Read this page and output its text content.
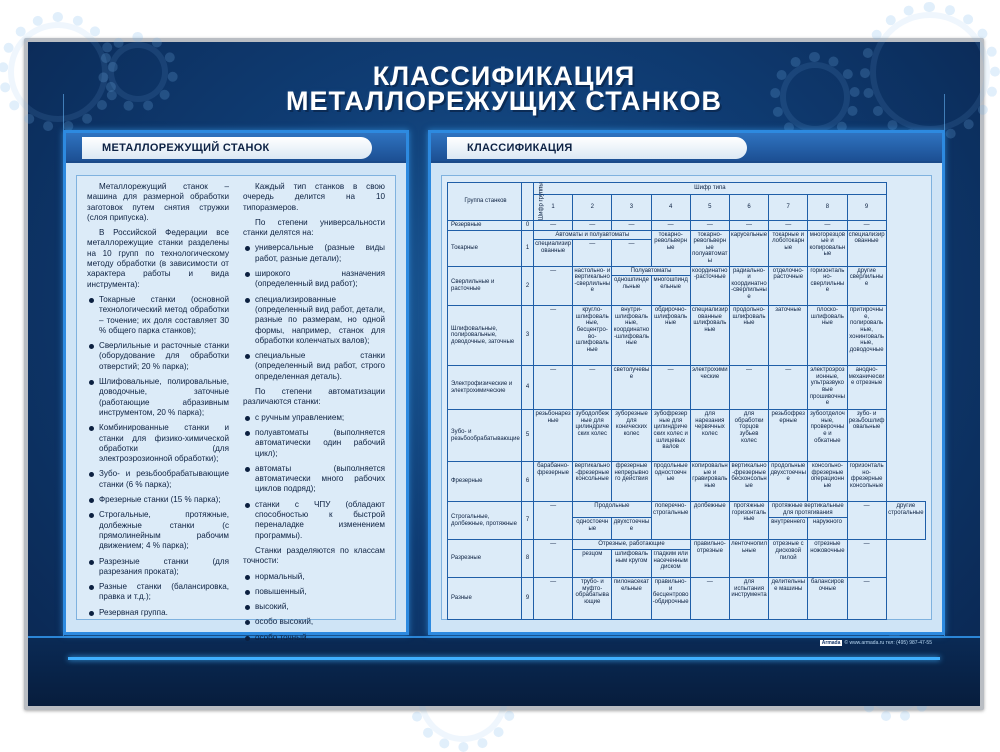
КЛАССИФИКАЦИЯ
МЕТАЛЛОРЕЖУЩИХ СТАНКОВ
МЕТАЛЛОРЕЖУЩИЙ СТАНОК

Металлорежущий станок – машина для размерной обработки заготовок путем снятия стружки (слоя припуска).

В Российской Федерации все металлорежущие станки разделены на 10 групп по технологическому методу обработки (в зависимости от характера работы и вида инструмента):

Токарные станки (основной технологический метод обработки – точение; их доля составляет 30 % общего парка станков);
Сверлильные и расточные станки (оборудование для обработки отверстий; 20 % парка);
Шлифовальные, полировальные, доводочные, заточные (работающие абразивным инструментом, 20 % парка);
Комбинированные станки и станки для физико-химической обработки (для электроэрозионной обработки);
Зубо- и резьбообрабатывающие станки (6 % парка);
Фрезерные станки (15 % парка);
Строгальные, протяжные, долбежные станки (с прямолинейным рабочим движением; 4 % парка);
Разрезные станки (для разрезания проката);
Разные станки (балансировка, правка и т.д.);
Резервная группа.

Каждый тип станков в свою очередь делится на 10 типоразмеров.

По степени универсальности станки делятся на:

универсальные (разные виды работ, разные детали);
широкого назначения (определенный вид работ);
специализированные (определенный вид работ, детали, разные по размерам, но одной формы, например, станок для обработки коленчатых валов);
специальные станки (определенный вид работ, строго определенная деталь).

По степени автоматизации различаются станки:

с ручным управлением;
полуавтоматы (выполняется автоматически один рабочий цикл);
автоматы (выполняется автоматически много рабочих циклов подряд);
станки с ЧПУ (обладают способностью к быстрой переналадке изменением программы).

Станки разделяются по классам точности:

нормальный,
повышенный,
высокий,
особо высокий,
особо точный.
КЛАССИФИКАЦИЯ
Группа станков	Шифр группы	Шифр типа									
		1	2	3	4	5	6	7	8	9	
Резервные	0	—	—	—	—	—	—	—	—	—	
Токарные	1	Автоматы и полуавтоматы			токарно-револьверные	токарно-револьверные полуавтоматы	карусельные	токарные и лоботокарные	многорезцовые и копировальные	специализированные	
		специализированные	—	—							
Сверлильные и расточные	2	—	настольно- и вертикально-сверлильные	Полуавтоматы		координатно-расточные	радиально- и координатно-сверлильные	отделочно-расточные	горизонтально-сверлильные	другие сверлильные	
				одношпиндельные	многошпиндельные						
Шлифовальные, полировальные, доводочные, заточные	3	—	кругло-шлифовальные, бесцентро-во-шлифовальные	внутри-шлифовальные, координатно-шлифовальные	обдирочно-шлифовальные	специализированные шлифовальные	продольно-шлифовальные	заточные	плоско-шлифовальные	притирочные, полировальные, хонинговальные, доводочные	
Электрофизические и электрохимические	4	—	—	светолучевые	—	электрохимические	—	—	электроэрозионные, ультразвуковые прошивочные	анодно-механические отрезные	
Зубо- и резьбообрабатывающие	5	резьбонарезные	зубодолбежные для цилиндрических колес	зуборезные для конических колес	зубофрезерные для цилиндрических колес и шлицевых валов	для нарезания червячных колес	для обработки торцов зубьев колес	резьбофрезерные	зубоотделочные, проверочные и обкатные	зубо- и резьбошлифовальные	
Фрезерные	6	барабанно-фрезерные	вертикально-фрезерные консольные	фрезерные непрерывного действия	продольные одностоечные	копировальные и гравировальные	вертикально-фрезерные бесконсольные	продольные двухстоечные	консольно-фрезерные операционные	горизонтально-фрезерные консольные	
Строгальные, долбежные, протяжные	7	—	Продольные		поперечно-строгальные	долбежные	протяжные горизонтальные	протяжные вертикальные для протягивания		—	другие строгальные
			одностоечные	двухстоечные				внутреннего	наружного		
Разрезные	8	—	Отрезные, работающие			правильно-отрезные	ленточнопильные	отрезные с дисковой пилой	отрезные ножовочные	—	
			резцом	шлифовальным кругом	гладким или насеченным диском						
Разные	9	—	трубо- и муфто-обрабатывающие	пилонасекательные	правильно- и бесцентрово-обдирочные	—	для испытания инструмента	делительные машины	балансировочные	—	
Armada © www.armada.ru тел: (495) 987-47-55
